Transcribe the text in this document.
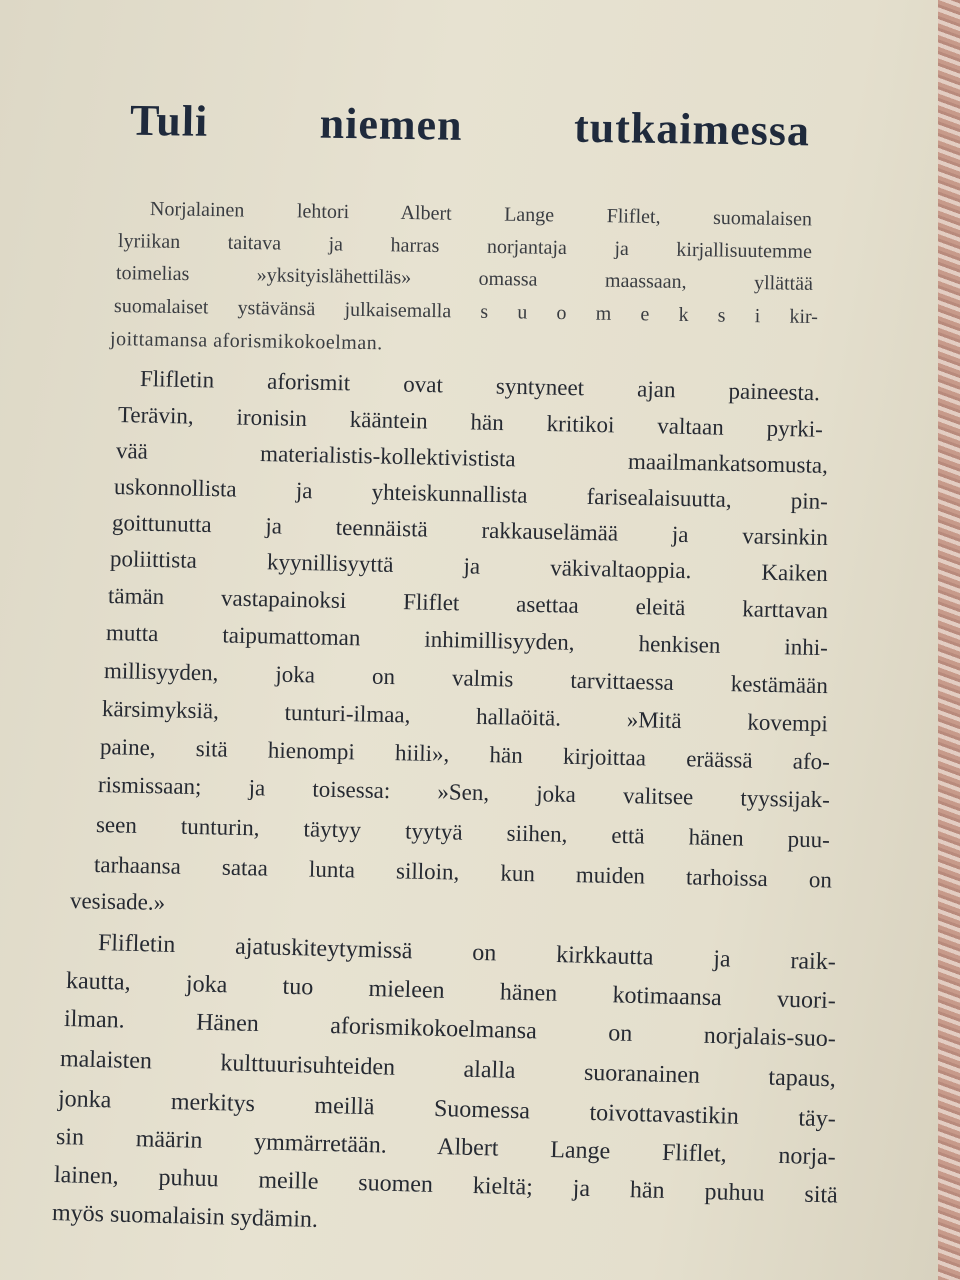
Tuli niemen tutkaimessa
Norjalainen lehtori Albert Lange Fliflet, suomalaisen
lyriikan taitava ja harras norjantaja ja kirjallisuutemme
toimelias »yksityislähettiläs» omassa maassaan, yllättää
suomalaiset ystävänsä julkaisemalla s u o m e k s i kir-
joittamansa aforismikokoelman.
Flifletin aforismit ovat syntyneet ajan paineesta.
Terävin, ironisin kääntein hän kritikoi valtaan pyrki-
vää materialistis-kollektivistista maailmankatsomusta,
uskonnollista ja yhteiskunnallista farisealaisuutta, pin-
goittunutta ja teennäistä rakkauselämää ja varsinkin
poliittista kyynillisyyttä ja väkivaltaoppia. Kaiken
tämän vastapainoksi Fliflet asettaa eleitä karttavan
mutta taipumattoman inhimillisyyden, henkisen inhi-
millisyyden, joka on valmis tarvittaessa kestämään
kärsimyksiä, tunturi-ilmaa, hallaöitä. »Mitä kovempi
paine, sitä hienompi hiili», hän kirjoittaa eräässä afo-
rismissaan; ja toisessa: »Sen, joka valitsee tyyssijak-
seen tunturin, täytyy tyytyä siihen, että hänen puu-
tarhaansa sataa lunta silloin, kun muiden tarhoissa on
vesisade.»
Flifletin ajatuskiteytymissä on kirkkautta ja raik-
kautta, joka tuo mieleen hänen kotimaansa vuori-
ilman. Hänen aforismikokoelmansa on norjalais-suo-
malaisten kulttuurisuhteiden alalla suoranainen tapaus,
jonka merkitys meillä Suomessa toivottavastikin täy-
sin määrin ymmärretään. Albert Lange Fliflet, norja-
lainen, puhuu meille suomen kieltä; ja hän puhuu sitä
myös suomalaisin sydämin.
